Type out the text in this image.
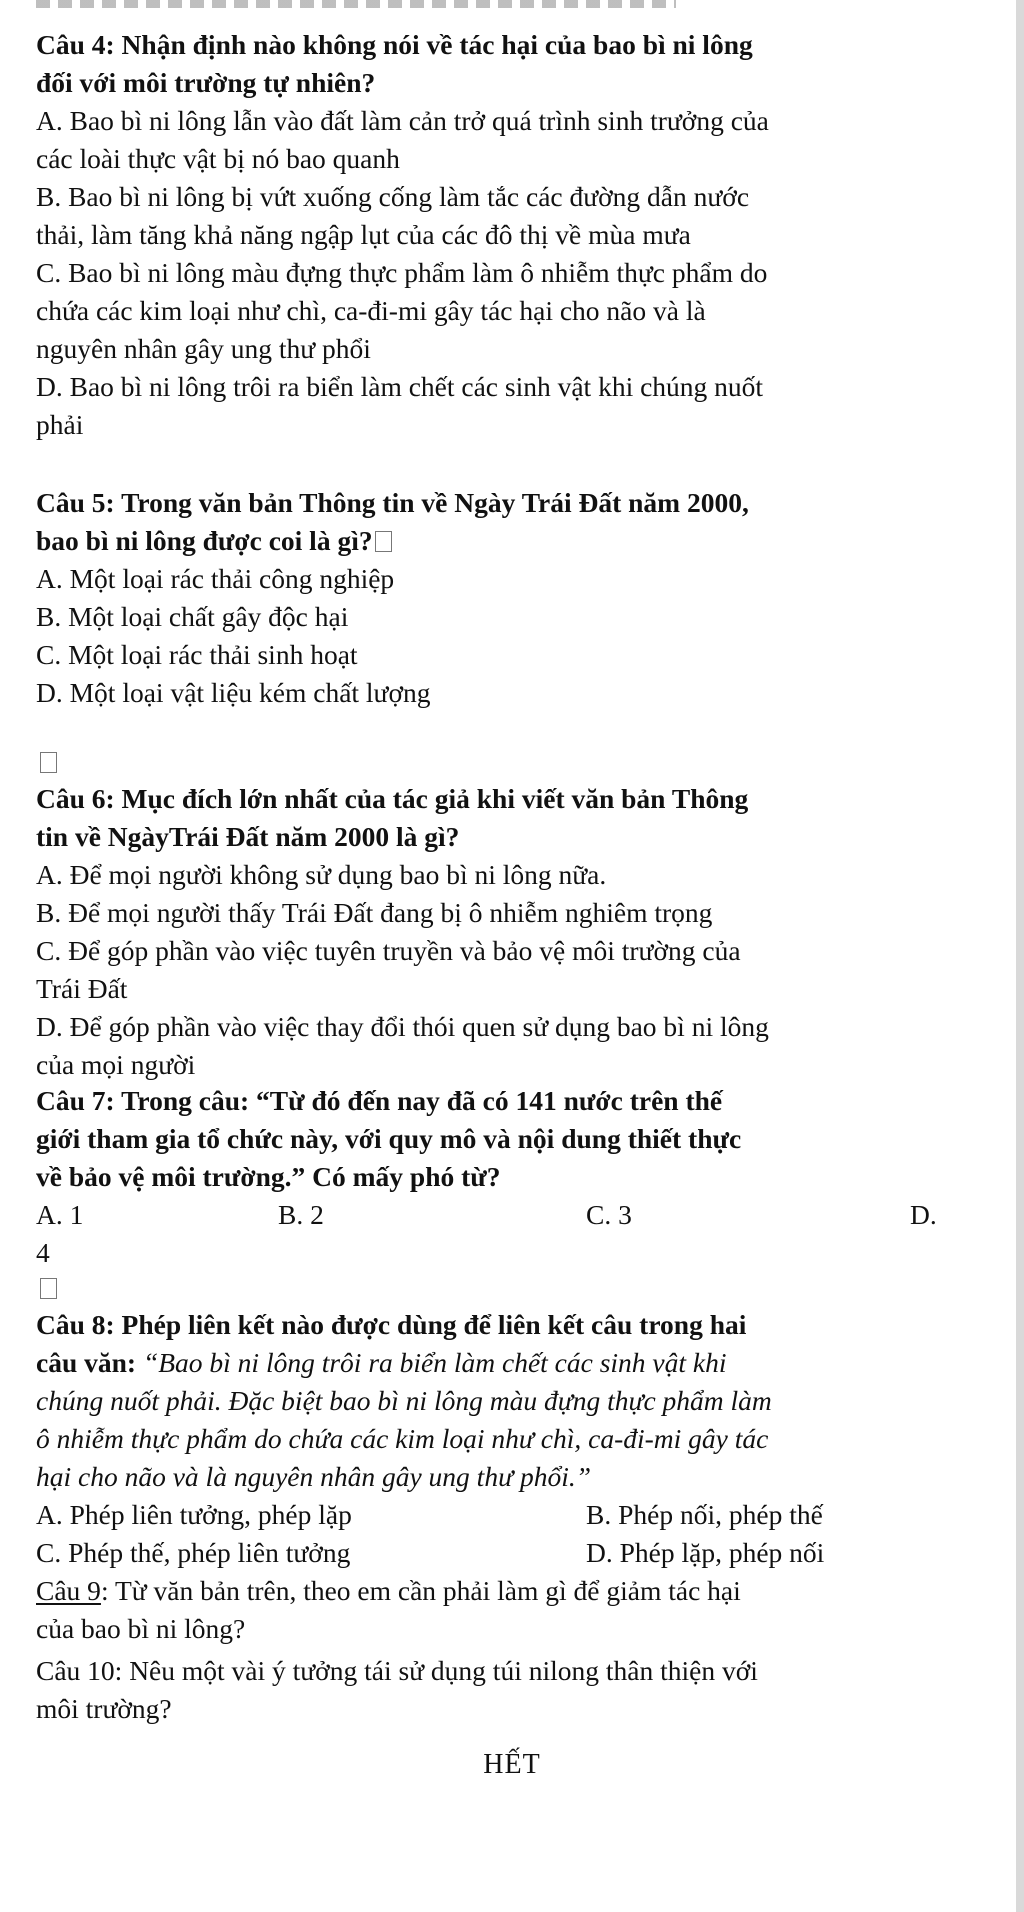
Câu 4: Nhận định nào không nói về tác hại của bao bì ni lông
đối với môi trường tự nhiên?
A. Bao bì ni lông lẫn vào đất làm cản trở quá trình sinh trưởng của
các loài thực vật bị nó bao quanh
B. Bao bì ni lông bị vứt xuống cống làm tắc các đường dẫn nước
thải, làm tăng khả năng ngập lụt của các đô thị về mùa mưa
C. Bao bì ni lông màu đựng thực phẩm làm ô nhiễm thực phẩm do
chứa các kim loại như chì, ca-đi-mi gây tác hại cho não và là
nguyên nhân gây ung thư phổi
D. Bao bì ni lông trôi ra biển làm chết các sinh vật khi chúng nuốt
phải
Câu 5: Trong văn bản Thông tin về Ngày Trái Đất năm 2000,
bao bì ni lông được coi là gì?
A. Một loại rác thải công nghiệp
B. Một loại chất gây độc hại
C. Một loại rác thải sinh hoạt
D. Một loại vật liệu kém chất lượng
Câu 6: Mục đích lớn nhất của tác giả khi viết văn bản Thông
tin về NgàyTrái Đất năm 2000 là gì?
A. Để mọi người không sử dụng bao bì ni lông nữa.
B. Để mọi người thấy Trái Đất đang bị ô nhiễm nghiêm trọng
C. Để góp phần vào việc tuyên truyền và bảo vệ môi trường của
Trái Đất
D. Để góp phần vào việc thay đổi thói quen sử dụng bao bì ni lông
của mọi người
Câu 7: Trong câu: “Từ đó đến nay đã có 141 nước trên thế
giới tham gia tổ chức này, với quy mô và nội dung thiết thực
về bảo vệ môi trường.” Có mấy phó từ?
A. 1	B. 2	C. 3	D.
4
Câu 8: Phép liên kết nào được dùng để liên kết câu trong hai
câu văn: “Bao bì ni lông trôi ra biển làm chết các sinh vật khi
chúng nuốt phải. Đặc biệt bao bì ni lông màu đựng thực phẩm làm
ô nhiễm thực phẩm do chứa các kim loại như chì, ca-đi-mi gây tác
hại cho não và là nguyên nhân gây ung thư phổi.”
A. Phép liên tưởng, phép lặp	B. Phép nối, phép thế
C. Phép thế, phép liên tưởng	D. Phép lặp, phép nối
Câu 9: Từ văn bản trên, theo em cần phải làm gì để giảm tác hại
của bao bì ni lông?
Câu 10: Nêu một vài ý tưởng tái sử dụng túi nilong thân thiện với
môi trường?
HẾT
